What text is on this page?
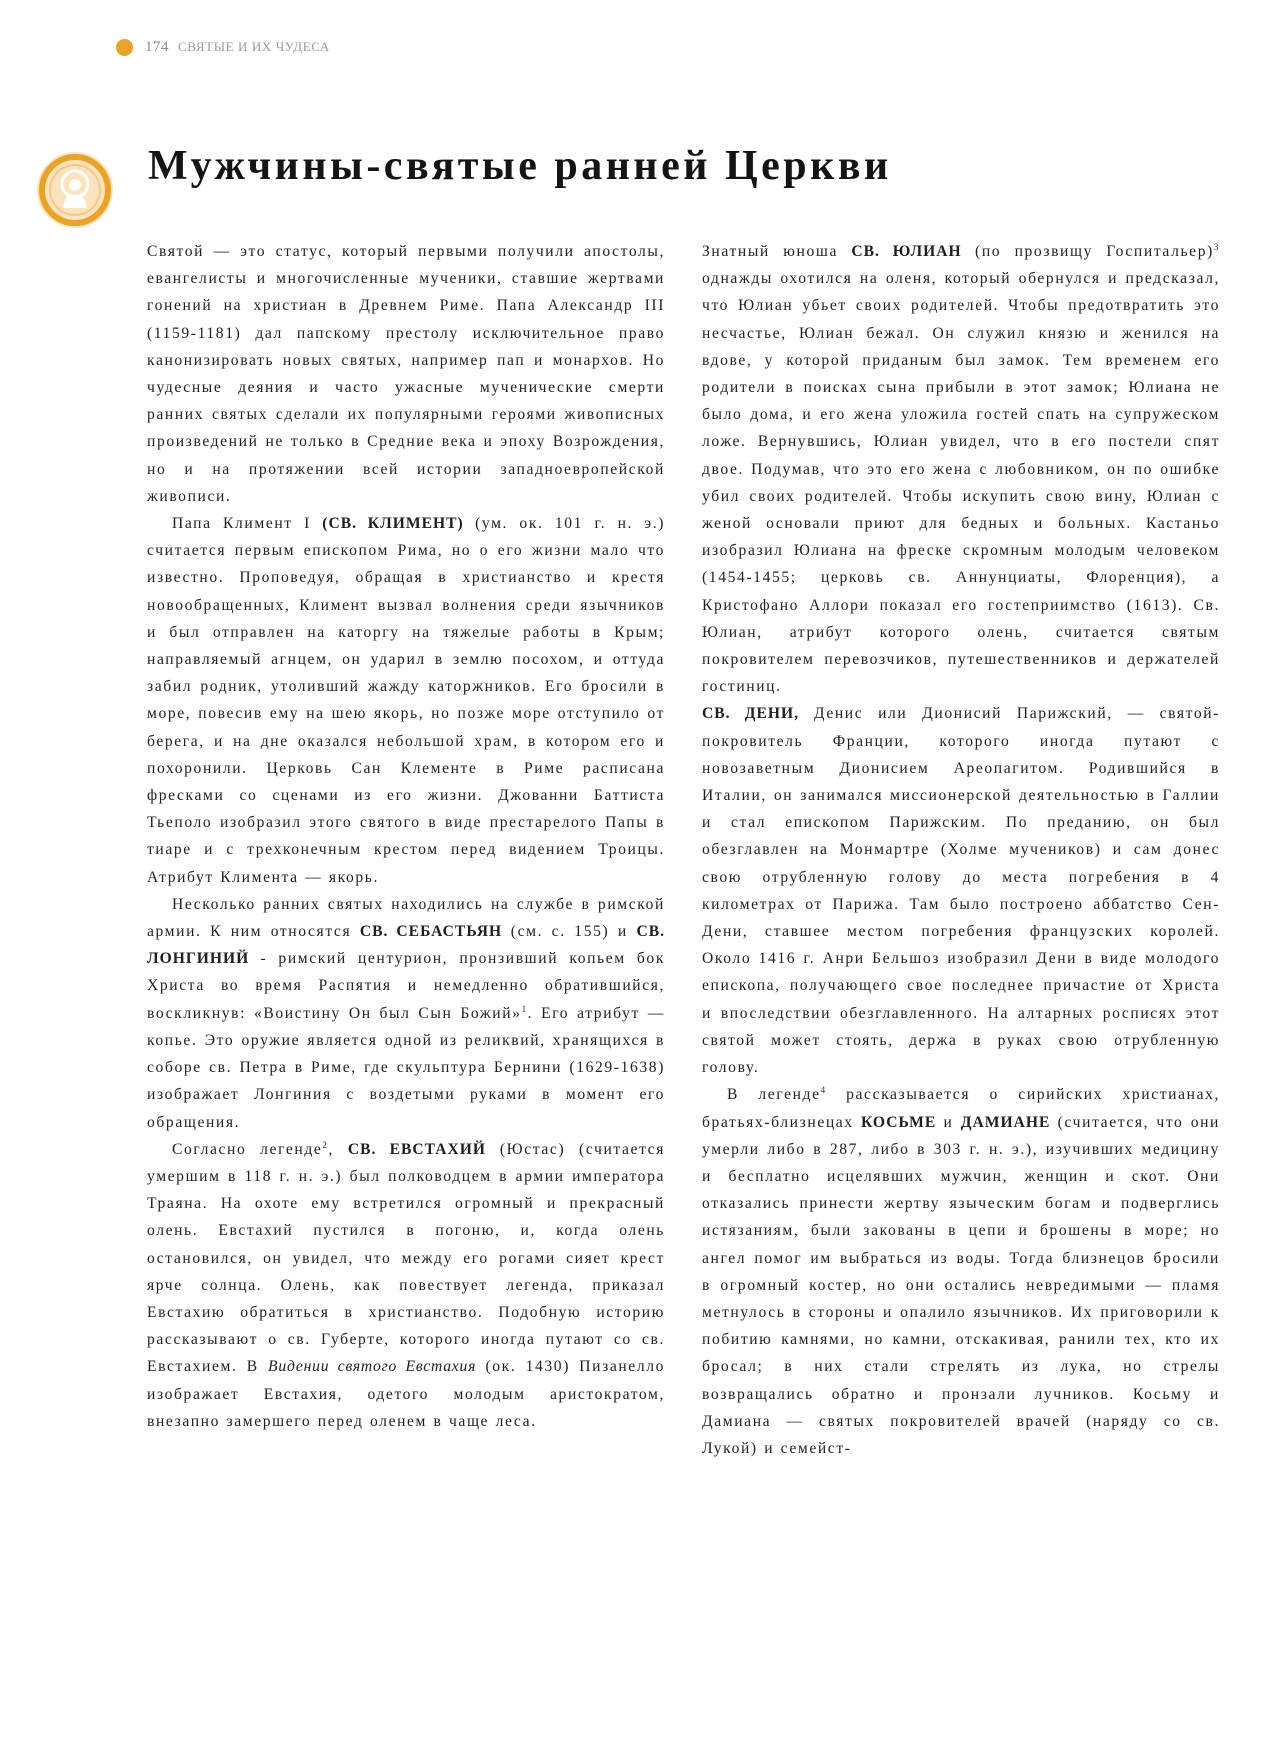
174 СВЯТЫЕ И ИХ ЧУДЕСА
Мужчины-святые ранней Церкви

Святой — это статус, который первыми получили апостолы, евангелисты и многочисленные мученики, ставшие жертвами гонений на христиан в Древнем Риме. Папа Александр III (1159-1181) дал папскому престолу исключительное право канонизировать новых святых, например пап и монархов. Но чудесные деяния и часто ужасные мученические смерти ранних святых сделали их популярными героями живописных произведений не только в Средние века и эпоху Возрождения, но и на протяжении всей истории западноевропейской живописи.

Папа Климент I (СВ. КЛИМЕНТ) (ум. ок. 101 г. н. э.) считается первым епископом Рима, но о его жизни мало что известно. Проповедуя, обращая в христианство и крестя новообращенных, Климент вызвал волнения среди язычников и был отправлен на каторгу на тяжелые работы в Крым; направляемый агнцем, он ударил в землю посохом, и оттуда забил родник, утоливший жажду каторжников. Его бросили в море, повесив ему на шею якорь, но позже море отступило от берега, и на дне оказался небольшой храм, в котором его и похоронили. Церковь Сан Клементе в Риме расписана фресками со сценами из его жизни. Джованни Баттиста Тьеполо изобразил этого святого в виде престарелого Папы в тиаре и с трехконечным крестом перед видением Троицы. Атрибут Климента — якорь.

Несколько ранних святых находились на службе в римской армии. К ним относятся СВ. СЕБАСТЬЯН (см. с. 155) и СВ. ЛОНГИНИЙ - римский центурион, пронзивший копьем бок Христа во время Распятия и немедленно обратившийся, воскликнув: «Воистину Он был Сын Божий»$^1$. Его атрибут — копье. Это оружие является одной из реликвий, хранящихся в соборе св. Петра в Риме, где скульптура Бернини (1629-1638) изображает Лонгиния с воздетыми руками в момент его обращения.

Согласно легенде$^2$, СВ. ЕВСТАХИЙ (Юстас) (считается умершим в 118 г. н. э.) был полководцем в армии императора Траяна. На охоте ему встретился огромный и прекрасный олень. Евстахий пустился в погоню, и, когда олень остановился, он увидел, что между его рогами сияет крест ярче солнца. Олень, как повествует легенда, приказал Евстахию обратиться в христианство. Подобную историю рассказывают о св. Губерте, которого иногда путают со св. Евстахием. В Видении святого Евстахия (ок. 1430) Пизанелло изображает Евстахия, одетого молодым аристократом, внезапно замершего перед оленем в чаще леса.

Знатный юноша СВ. ЮЛИАН (по прозвищу Госпитальер)$^3$ однажды охотился на оленя, который обернулся и предсказал, что Юлиан убьет своих родителей. Чтобы предотвратить это несчастье, Юлиан бежал. Он служил князю и женился на вдове, у которой приданым был замок. Тем временем его родители в поисках сына прибыли в этот замок; Юлиана не было дома, и его жена уложила гостей спать на супружеском ложе. Вернувшись, Юлиан увидел, что в его постели спят двое. Подумав, что это его жена с любовником, он по ошибке убил своих родителей. Чтобы искупить свою вину, Юлиан с женой основали приют для бедных и больных. Кастаньо изобразил Юлиана на фреске скромным молодым человеком (1454-1455; церковь св. Аннунциаты, Флоренция), а Кристофано Аллори показал его гостеприимство (1613). Св. Юлиан, атрибут которого олень, считается святым покровителем перевозчиков, путешественников и держателей гостиниц.

СВ. ДЕНИ, Денис или Дионисий Парижский, — святой-покровитель Франции, которого иногда путают с новозаветным Дионисием Ареопагитом. Родившийся в Италии, он занимался миссионерской деятельностью в Галлии и стал епископом Парижским. По преданию, он был обезглавлен на Монмартре (Холме мучеников) и сам донес свою отрубленную голову до места погребения в 4 километрах от Парижа. Там было построено аббатство Сен-Дени, ставшее местом погребения французских королей. Около 1416 г. Анри Бельшоз изобразил Дени в виде молодого епископа, получающего свое последнее причастие от Христа и впоследствии обезглавленного. На алтарных росписях этот святой может стоять, держа в руках свою отрубленную голову.

В легенде$^4$ рассказывается о сирийских христианах, братьях-близнецах КОСЬМЕ и ДАМИАНЕ (считается, что они умерли либо в 287, либо в 303 г. н. э.), изучивших медицину и бесплатно исцелявших мужчин, женщин и скот. Они отказались принести жертву языческим богам и подверглись истязаниям, были закованы в цепи и брошены в море; но ангел помог им выбраться из воды. Тогда близнецов бросили в огромный костер, но они остались невредимыми — пламя метнулось в стороны и опалило язычников. Их приговорили к побитию камнями, но камни, отскакивая, ранили тех, кто их бросал; в них стали стрелять из лука, но стрелы возвращались обратно и пронзали лучников. Косьму и Дамиана — святых покровителей врачей (наряду со св. Лукой) и семейст-
